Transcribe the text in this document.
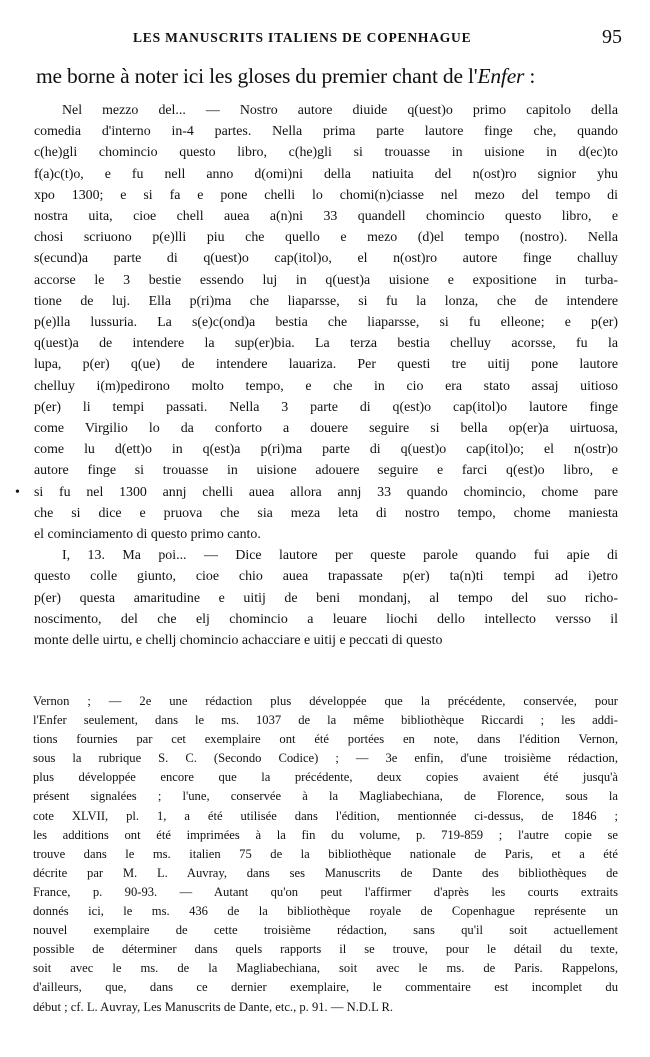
LES MANUSCRITS ITALIENS DE COPENHAGUE	95
me borne à noter ici les gloses du premier chant de l'Enfer :
•
Nel mezzo del... — Nostro autore diuide q(uest)o primo capitolo della
comedia d'interno in-4 partes. Nella prima parte lautore finge che, quando
c(he)gli chomincio questo libro, c(he)gli si trouasse in uisione in d(ec)to
f(a)c(t)o, e fu nell anno d(omi)ni della natiuita del n(ost)ro signior yhu
xpo 1300; e si fa e pone chelli lo chomi(n)ciasse nel mezo del tempo di
nostra uita, cioe chell auea a(n)ni 33 quandell chomincio questo libro, e
chosi scriuono p(e)lli piu che quello e mezo (d)el tempo (nostro). Nella
s(ecund)a parte di q(uest)o cap(itol)o, el n(ost)ro autore finge challuy
accorse le 3 bestie essendo luj in q(uest)a uisione e expositione in turba-
tione de luj. Ella p(ri)ma che liaparsse, si fu la lonza, che de intendere
p(e)lla lussuria. La s(e)c(ond)a bestia che liaparsse, si fu elleone; e p(er)
q(uest)a de intendere la sup(er)bia. La terza bestia chelluy acorsse, fu la
lupa, p(er) q(ue) de intendere lauariza. Per questi tre uitij pone lautore
chelluy i(m)pedirono molto tempo, e che in cio era stato assaj uitioso
p(er) li tempi passati. Nella 3 parte di q(est)o cap(itol)o lautore finge
come Virgilio lo da conforto a douere seguire si bella op(er)a uirtuosa,
come lu d(ett)o in q(est)a p(ri)ma parte di q(uest)o cap(itol)o; el n(ostr)o
autore finge si trouasse in uisione adouere seguire e farci q(est)o libro, e
si fu nel 1300 annj chelli auea allora annj 33 quando chomincio, chome pare
che si dice e pruova che sia meza leta di nostro tempo, chome maniesta
el cominciamento di questo primo canto.
I, 13. Ma poi... — Dice lautore per queste parole quando fui apie di
questo colle giunto, cioe chio auea trapassate p(er) ta(n)ti tempi ad i)etro
p(er) questa amaritudine e uitij de beni mondanj, al tempo del suo richo-
noscimento, del che elj chomincio a leuare liochi dello intellecto versso il
monte delle uirtu, e chellj chomincio achacciare e uitij e peccati di questo
Vernon ; — 2e une rédaction plus développée que la précédente, conservée, pour
l'Enfer seulement, dans le ms. 1037 de la même bibliothèque Riccardi ; les addi-
tions fournies par cet exemplaire ont été portées en note, dans l'édition Vernon,
sous la rubrique S. C. (Secondo Codice) ; — 3e enfin, d'une troisième rédaction,
plus développée encore que la précédente, deux copies avaient été jusqu'à
présent signalées ; l'une, conservée à la Magliabechiana, de Florence, sous la
cote XLVII, pl. 1, a été utilisée dans l'édition, mentionnée ci-dessus, de 1846 ;
les additions ont été imprimées à la fin du volume, p. 719-859 ; l'autre copie se
trouve dans le ms. italien 75 de la bibliothèque nationale de Paris, et a été
décrite par M. L. Auvray, dans ses Manuscrits de Dante des bibliothèques de
France, p. 90-93. — Autant qu'on peut l'affirmer d'après les courts extraits
donnés ici, le ms. 436 de la bibliothèque royale de Copenhague représente un
nouvel exemplaire de cette troisième rédaction, sans qu'il soit actuellement
possible de déterminer dans quels rapports il se trouve, pour le détail du texte,
soit avec le ms. de la Magliabechiana, soit avec le ms. de Paris. Rappelons,
d'ailleurs, que, dans ce dernier exemplaire, le commentaire est incomplet du
début ; cf. L. Auvray, Les Manuscrits de Dante, etc., p. 91. — N.D.L R.
